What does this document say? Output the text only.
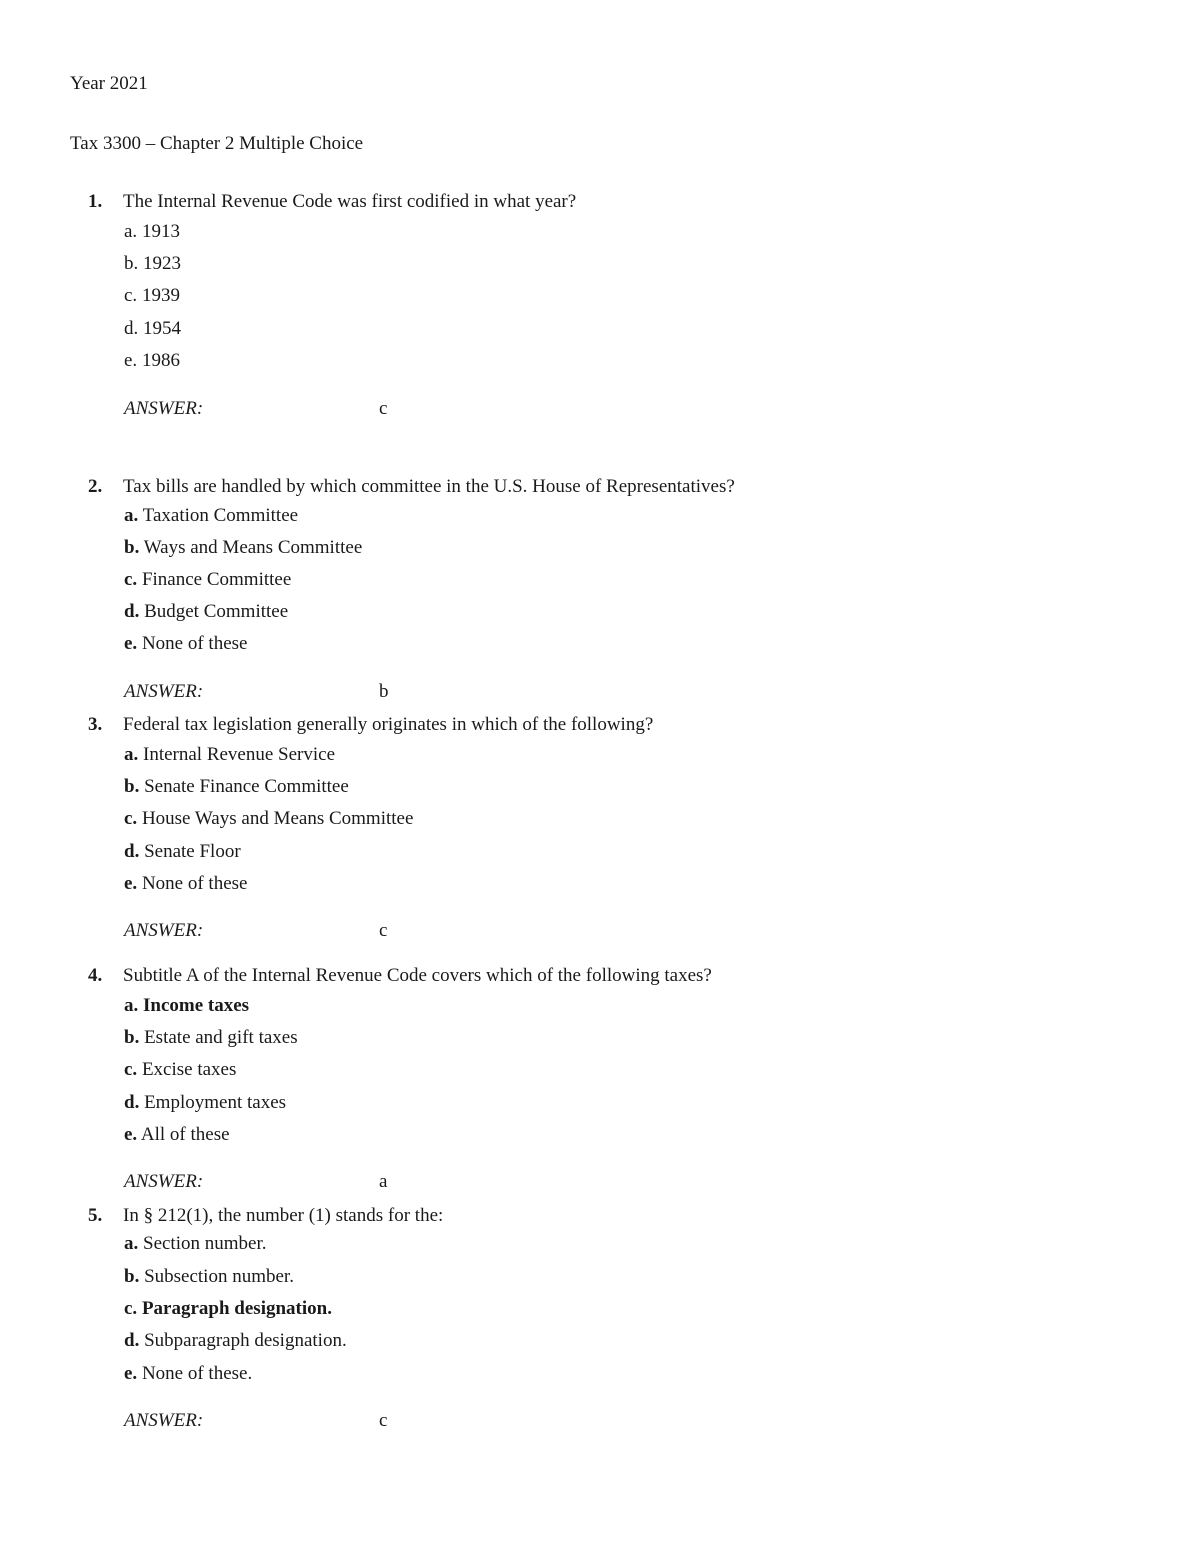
Year 2021
Tax 3300 – Chapter 2 Multiple Choice
1. The Internal Revenue Code was first codified in what year?
a. 1913
b. 1923
c. 1939
d. 1954
e. 1986
ANSWER:	c
2. Tax bills are handled by which committee in the U.S. House of Representatives?
a. Taxation Committee
b. Ways and Means Committee
c. Finance Committee
d. Budget Committee
e. None of these
ANSWER:	b
3. Federal tax legislation generally originates in which of the following?
a. Internal Revenue Service
b. Senate Finance Committee
c. House Ways and Means Committee
d. Senate Floor
e. None of these
ANSWER:	c
4. Subtitle A of the Internal Revenue Code covers which of the following taxes?
a. Income taxes
b. Estate and gift taxes
c. Excise taxes
d. Employment taxes
e. All of these
ANSWER:	a
5. In § 212(1), the number (1) stands for the:
a. Section number.
b. Subsection number.
c. Paragraph designation.
d. Subparagraph designation.
e. None of these.
ANSWER:	c
